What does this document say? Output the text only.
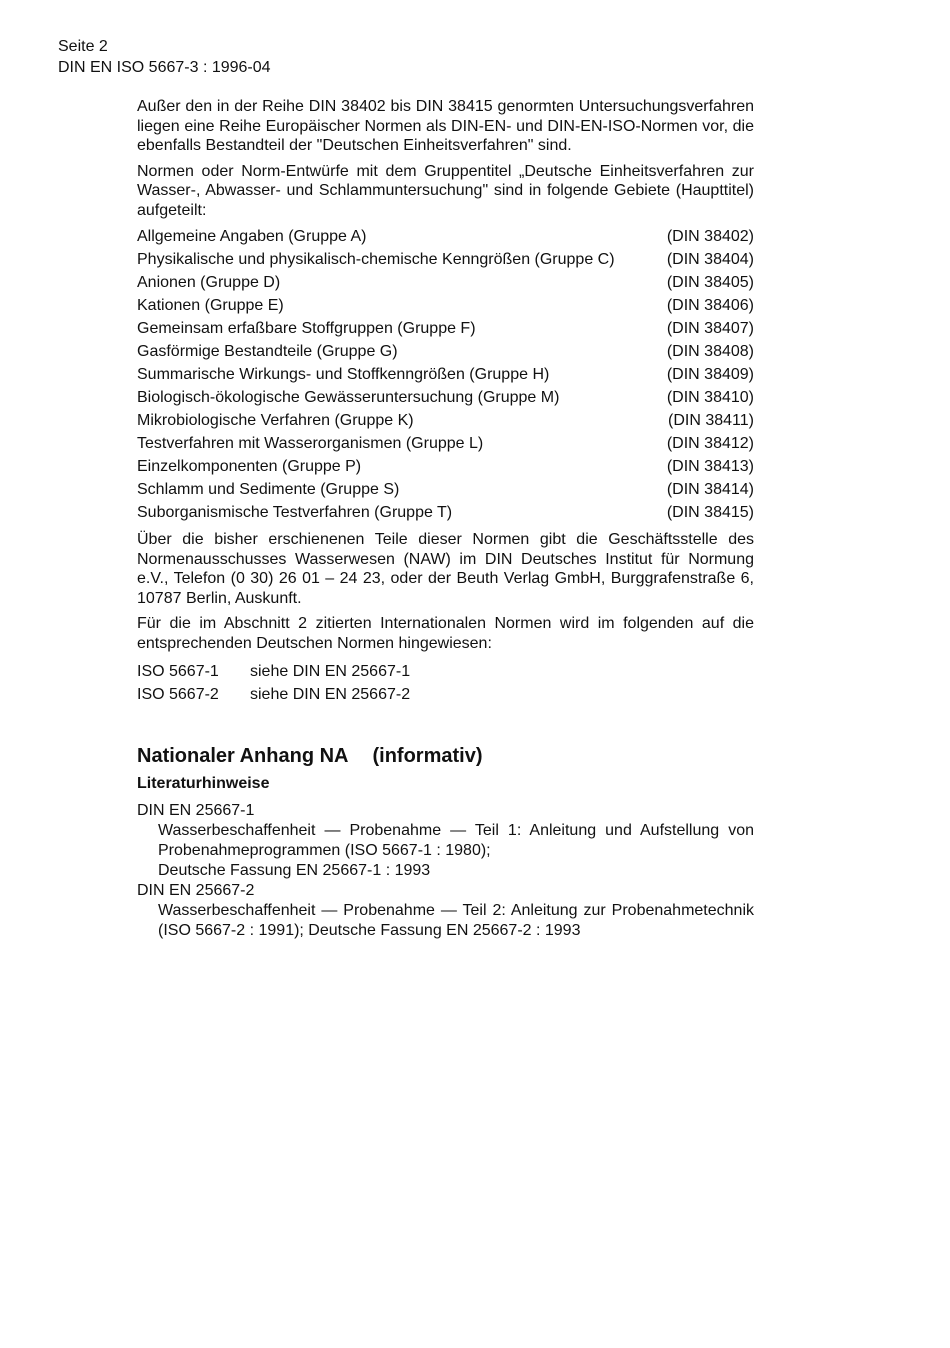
Seite 2
DIN EN ISO 5667-3 : 1996-04

Außer den in der Reihe DIN 38402 bis DIN 38415 genormten Untersuchungsverfahren liegen eine Reihe Europäischer Normen als DIN-EN- und DIN-EN-ISO-Normen vor, die ebenfalls Bestandteil der "Deutschen Einheitsverfahren" sind.

Normen oder Norm-Entwürfe mit dem Gruppentitel „Deutsche Einheitsverfahren zur Wasser-, Abwasser- und Schlammuntersuchung" sind in folgende Gebiete (Haupttitel) aufgeteilt:

Allgemeine Angaben (Gruppe A)	(DIN 38402)
Physikalische und physikalisch-chemische Kenngrößen (Gruppe C)	(DIN 38404)
Anionen (Gruppe D)	(DIN 38405)
Kationen (Gruppe E)	(DIN 38406)
Gemeinsam erfaßbare Stoffgruppen (Gruppe F)	(DIN 38407)
Gasförmige Bestandteile (Gruppe G)	(DIN 38408)
Summarische Wirkungs- und Stoffkenngrößen (Gruppe H)	(DIN 38409)
Biologisch-ökologische Gewässeruntersuchung (Gruppe M)	(DIN 38410)
Mikrobiologische Verfahren (Gruppe K)	(DIN 38411)
Testverfahren mit Wasserorganismen (Gruppe L)	(DIN 38412)
Einzelkomponenten (Gruppe P)	(DIN 38413)
Schlamm und Sedimente (Gruppe S)	(DIN 38414)
Suborganismische Testverfahren (Gruppe T)	(DIN 38415)

Über die bisher erschienenen Teile dieser Normen gibt die Geschäftsstelle des Normenausschusses Wasserwesen (NAW) im DIN Deutsches Institut für Normung e.V., Telefon (0 30) 26 01 – 24 23, oder der Beuth Verlag GmbH, Burggrafenstraße 6, 10787 Berlin, Auskunft.

Für die im Abschnitt 2 zitierten Internationalen Normen wird im folgenden auf die entsprechenden Deutschen Normen hingewiesen:

ISO 5667-1	siehe DIN EN 25667-1
ISO 5667-2	siehe DIN EN 25667-2
Nationaler Anhang NA (informativ)
Literaturhinweise

DIN EN 25667-1

Wasserbeschaffenheit — Probenahme — Teil 1: Anleitung und Aufstellung von Probenahmeprogrammen (ISO 5667-1 : 1980);

Deutsche Fassung EN 25667-1 : 1993

DIN EN 25667-2

Wasserbeschaffenheit — Probenahme — Teil 2: Anleitung zur Probenahmetechnik (ISO 5667-2 : 1991); Deutsche Fassung EN 25667-2 : 1993
